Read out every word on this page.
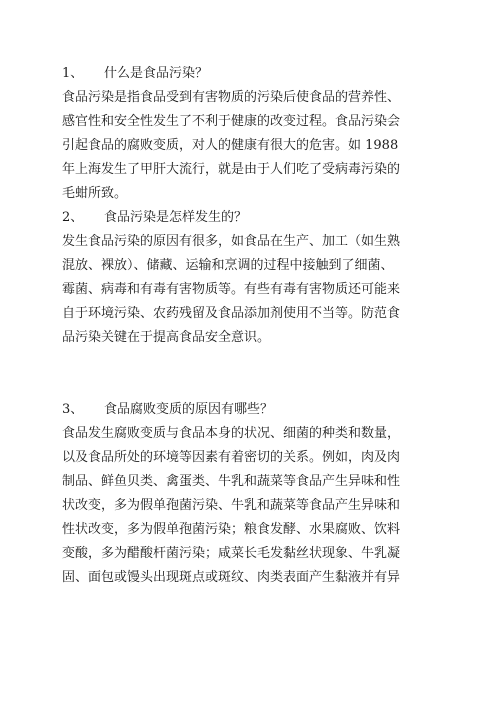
1、	什么是食品污染？
食品污染是指食品受到有害物质的污染后使食品的营养性、
感官性和安全性发生了不利于健康的改变过程。食品污染会
引起食品的腐败变质，对人的健康有很大的危害。如 1988
年上海发生了甲肝大流行，就是由于人们吃了受病毒污染的
毛蚶所致。
2、	食品污染是怎样发生的？
发生食品污染的原因有很多，如食品在生产、加工（如生熟
混放、裸放）、储藏、运输和烹调的过程中接触到了细菌、
霉菌、病毒和有毒有害物质等。有些有毒有害物质还可能来
自于环境污染、农药残留及食品添加剂使用不当等。防范食
品污染关键在于提高食品安全意识。
3、	食品腐败变质的原因有哪些？
食品发生腐败变质与食品本身的状况、细菌的种类和数量，
以及食品所处的环境等因素有着密切的关系。例如，肉及肉
制品、鲜鱼贝类、禽蛋类、牛乳和蔬菜等食品产生异味和性
状改变，多为假单孢菌污染、牛乳和蔬菜等食品产生异味和
性状改变，多为假单孢菌污染；粮食发酵、水果腐败、饮料
变酸，多为醋酸杆菌污染；咸菜长毛发黏丝状现象、牛乳凝
固、面包或馒头出现斑点或斑纹、肉类表面产生黏液并有异
